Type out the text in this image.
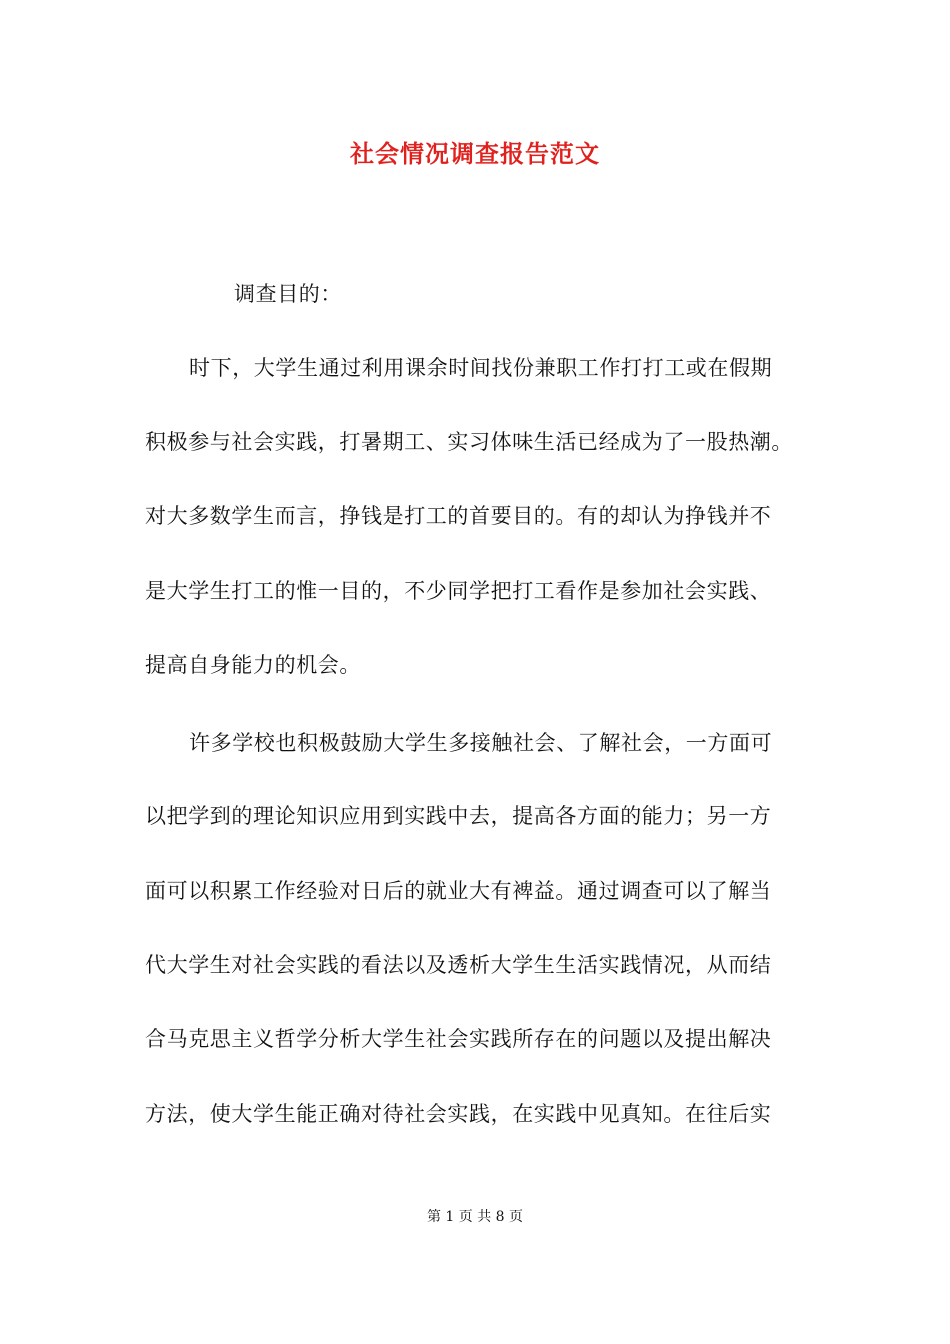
社会情况调查报告范文
调查目的：
时下，大学生通过利用课余时间找份兼职工作打打工或在假期
积极参与社会实践，打暑期工、实习体味生活已经成为了一股热潮。
对大多数学生而言，挣钱是打工的首要目的。有的却认为挣钱并不
是大学生打工的惟一目的，不少同学把打工看作是参加社会实践、
提高自身能力的机会。
许多学校也积极鼓励大学生多接触社会、了解社会，一方面可
以把学到的理论知识应用到实践中去，提高各方面的能力；另一方
面可以积累工作经验对日后的就业大有裨益。通过调查可以了解当
代大学生对社会实践的看法以及透析大学生生活实践情况，从而结
合马克思主义哲学分析大学生社会实践所存在的问题以及提出解决
方法，使大学生能正确对待社会实践，在实践中见真知。在往后实
第 1 页 共 8 页
